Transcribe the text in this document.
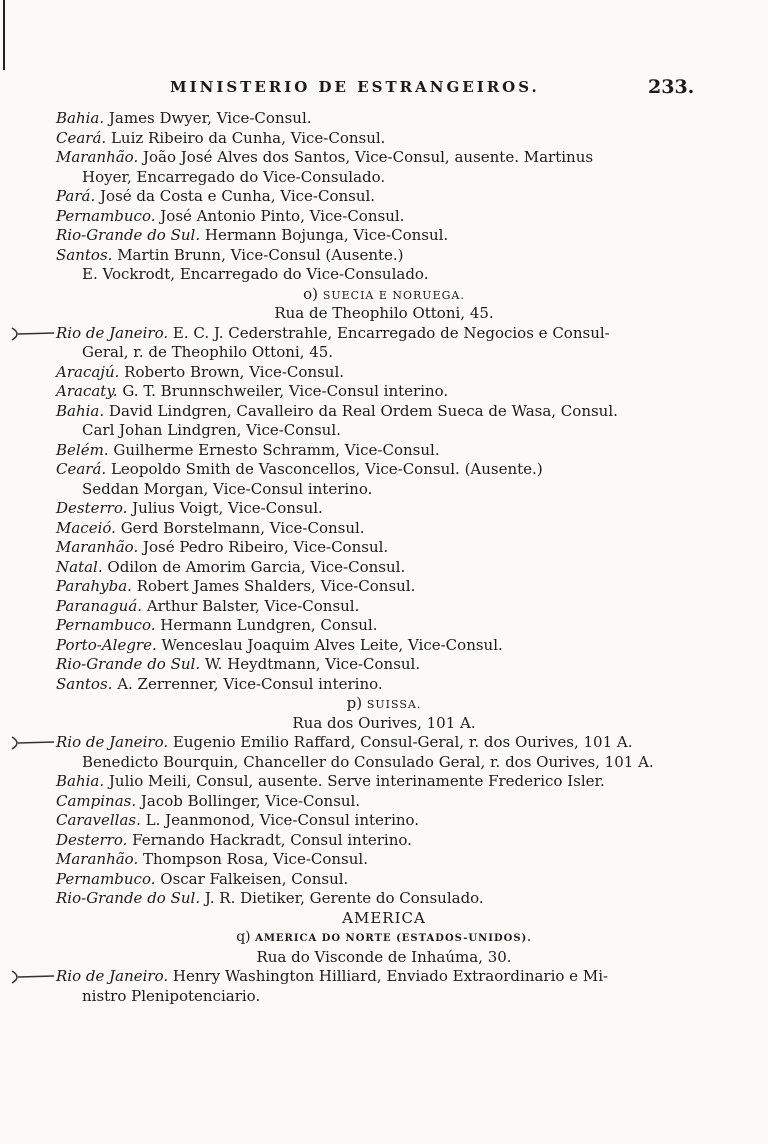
MINISTERIO DE ESTRANGEIROS.	233.
Bahia. James Dwyer, Vice-Consul.
Ceará. Luiz Ribeiro da Cunha, Vice-Consul.
Maranhão. João José Alves dos Santos, Vice-Consul, ausente. Martinus
Hoyer, Encarregado do Vice-Consulado.
Pará. José da Costa e Cunha, Vice-Consul.
Pernambuco. José Antonio Pinto, Vice-Consul.
Rio-Grande do Sul. Hermann Bojunga, Vice-Consul.
Santos. Martin Brunn, Vice-Consul (Ausente.)
E. Vockrodt, Encarregado do Vice-Consulado.
o) SUECIA E NORUEGA.
Rua de Theophilo Ottoni, 45.
Rio de Janeiro. E. C. J. Cederstrahle, Encarregado de Negocios e Consul-
Geral, r. de Theophilo Ottoni, 45.
Aracajú. Roberto Brown, Vice-Consul.
Aracaty. G. T. Brunnschweiler, Vice-Consul interino.
Bahia. David Lindgren, Cavalleiro da Real Ordem Sueca de Wasa, Consul.
Carl Johan Lindgren, Vice-Consul.
Belém. Guilherme Ernesto Schramm, Vice-Consul.
Ceará. Leopoldo Smith de Vasconcellos, Vice-Consul. (Ausente.)
Seddan Morgan, Vice-Consul interino.
Desterro. Julius Voigt, Vice-Consul.
Maceió. Gerd Borstelmann, Vice-Consul.
Maranhão. José Pedro Ribeiro, Vice-Consul.
Natal. Odilon de Amorim Garcia, Vice-Consul.
Parahyba. Robert James Shalders, Vice-Consul.
Paranaguá. Arthur Balster, Vice-Consul.
Pernambuco. Hermann Lundgren, Consul.
Porto-Alegre. Wenceslau Joaquim Alves Leite, Vice-Consul.
Rio-Grande do Sul. W. Heydtmann, Vice-Consul.
Santos. A. Zerrenner, Vice-Consul interino.
p) SUISSA.
Rua dos Ourives, 101 A.
Rio de Janeiro. Eugenio Emilio Raffard, Consul-Geral, r. dos Ourives, 101 A.
Benedicto Bourquin, Chanceller do Consulado Geral, r. dos Ourives, 101 A.
Bahia. Julio Meili, Consul, ausente. Serve interinamente Frederico Isler.
Campinas. Jacob Bollinger, Vice-Consul.
Caravellas. L. Jeanmonod, Vice-Consul interino.
Desterro. Fernando Hackradt, Consul interino.
Maranhão. Thompson Rosa, Vice-Consul.
Pernambuco. Oscar Falkeisen, Consul.
Rio-Grande do Sul. J. R. Dietiker, Gerente do Consulado.
AMERICA
q) AMERICA DO NORTE (ESTADOS-UNIDOS).
Rua do Visconde de Inhaúma, 30.
Rio de Janeiro. Henry Washington Hilliard, Enviado Extraordinario e Mi-
nistro Plenipotenciario.
